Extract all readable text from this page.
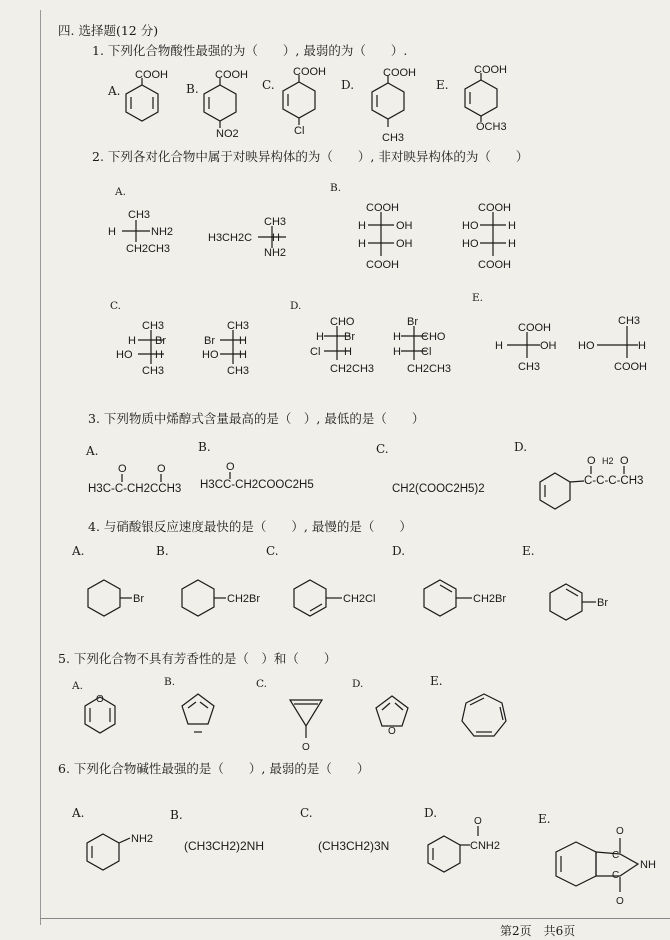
四. 选择题(12 分)
1. 下列化合物酸性最强的为（　　）, 最弱的为（　　）.
2. 下列各对化合物中属于对映异构体的为（　　）, 非对映异构体的为（　　）
3. 下列物质中烯醇式含量最高的是（　）, 最低的是（　　）
4. 与硝酸银反应速度最快的是（　　）, 最慢的是（　　）
5. 下列化合物不具有芳香性的是（　）和（　　）
6. 下列化合物碱性最强的是（　　）, 最弱的是（　　）
A.	B.	C.	D.	E.
A.	B.
C.	D.
E.
A.	B.	C.	D.
A.	B.	C.	D.	E.
A.	B.	C.	D.	E.
A.	B.	C.	D.	E.
COOH	COOH
NO2
COOH
Cl
COOH
CH3
COOH
OCH3
CH3
H	NH2
CH2CH3
CH3
H3CH2C H
NH2
COOH
H	OH
H	OH
COOH
COOH
HO	H
HO	H
COOH
CH3
H Br
HO H
CH3
CH3
Br H
HO H
CH3
CHO
H Br
Cl H
CH2CH3
Br
H CHO
H Cl
CH2CH3
COOH
H	OH
CH3
CH3
HO	H
COOH
H3C-C-CH2CCH3 H3CC-CH2COOC2H5	CH2(COOC2H5)2
C-C-C-CH3
O	O	O	O H2 O
Br	CH2Br	CH2Cl	CH2Br	Br
O
O
O
NH2	(CH3CH2)2NH	(CH3CH2)3N
O
CNH2
O
O
C
C
NH
第2页　共6页
